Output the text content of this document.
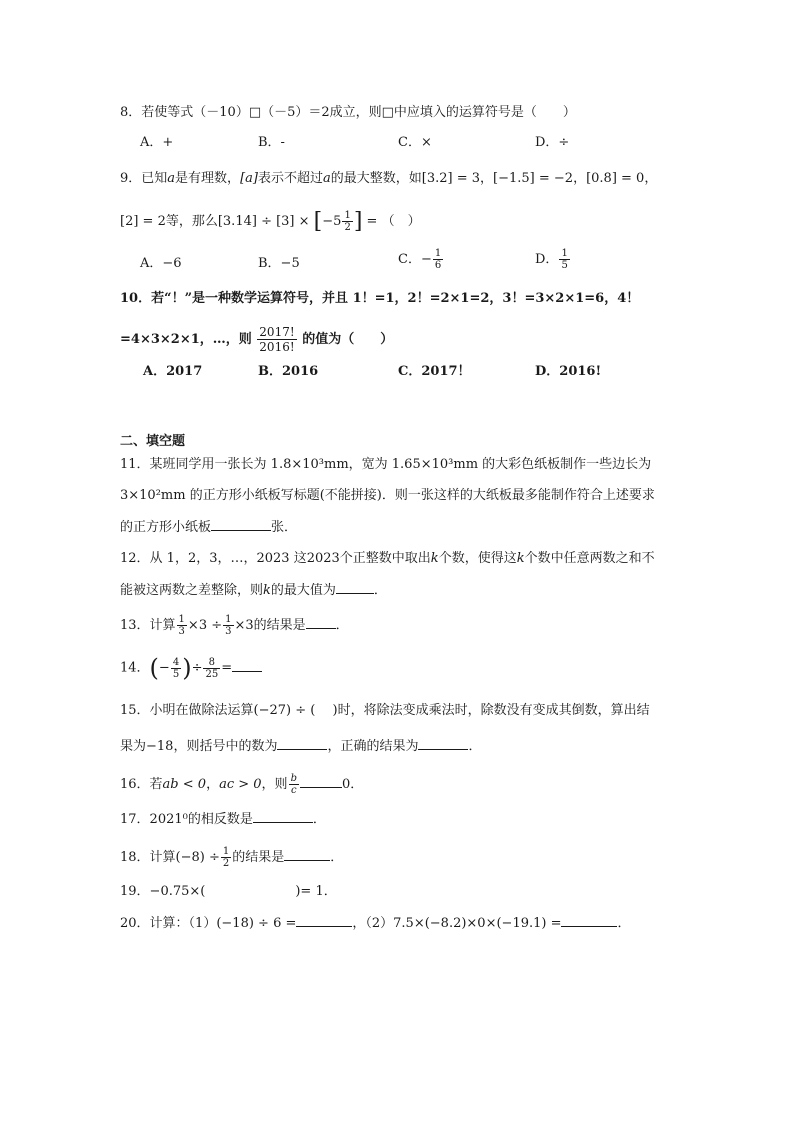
8．若使等式（－10）□（－5）＝2成立，则□中应填入的运算符号是（　　）
A．+	B．-	C．×	D．÷
9．已知a是有理数，[a]表示不超过a的最大整数，如[3.2] = 3，[−1.5] = −2，[0.8] = 0，
[2] = 2等，那么$[3.14] \div [3] \times [-5 \frac{1}{2}$ ] = （　）
A．−6	B．−5	C．− $\frac{1}{6}$	D． $\frac{1}{5}$
10．若“！”是一种数学运算符号，并且 1！=1，2！=2×1=2，3！=3×2×1=6，4！
=4×3×2×1，…，则 $\frac{2017!}{2016!}$ 的值为（　　）
A．2017	B．2016	C．2017！	D．2016!
二、填空题
11．某班同学用一张长为 1.8×10³mm，宽为 1.65×10³mm 的大彩色纸板制作一些边长为
3×10²mm 的正方形小纸板写标题(不能拼接)．则一张这样的大纸板最多能制作符合上述要求
的正方形小纸板	张．
12．从 1，2，3，…，2023 这2023个正整数中取出k个数，使得这k个数中任意两数之和不
能被这两数之差整除，则k的最大值为	．
13．计算 $\frac{1}{3} \times 3 \div \frac{1}{3} \times 3$的结果是 ．
14．(− $\frac{4}{5}$ )÷ $\frac{8}{25}$ =
15．小明在做除法运算(−27) ÷ (　 )时，将除法变成乘法时，除数没有变成其倒数，算出结
果为−18，则括号中的数为	，正确的结果为	．
16．若ab < 0，ac > 0，则 $\frac{b}{c}$	0．
17．2021⁰的相反数是	．
18．计算$(-8) \div \frac{1}{2}$ 的结果是	．
19．−0.75×(	)= 1．
20．计算：（1）(−18) ÷ 6 =	，（2）7.5×(−8.2)×0×(−19.1) =	．
